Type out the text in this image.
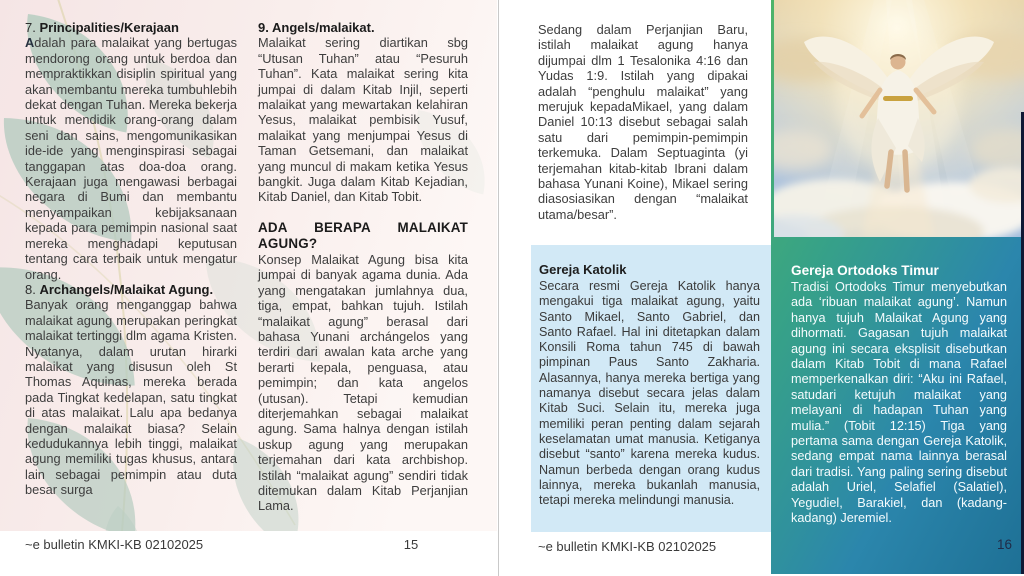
7. Principalities/Kerajaan

Adalah para malaikat yang bertugas mendorong orang untuk berdoa dan mempraktikkan disiplin spiritual yang akan membantu mereka tumbuhlebih dekat dengan Tuhan. Mereka bekerja untuk mendidik orang-orang dalam seni dan sains, mengomunikasikan ide-ide yang menginspirasi sebagai tanggapan atas doa-doa orang. Kerajaan juga mengawasi berbagai negara di Bumi dan membantu menyampaikan kebijaksanaan kepada para pemimpin nasional saat mereka menghadapi keputusan tentang cara terbaik untuk mengatur orang.

8. Archangels/Malaikat Agung.

Banyak orang menganggap bahwa malaikat agung merupakan peringkat malaikat tertinggi dlm agama Kristen. Nyatanya, dalam urutan hirarki malaikat yang disusun oleh St Thomas Aquinas, mereka berada pada Tingkat kedelapan, satu tingkat di atas malaikat. Lalu apa bedanya dengan malaikat biasa? Selain kedudukannya lebih tinggi, malaikat agung memiliki tugas khusus, antara lain sebagai pemimpin atau duta besar surga

9. Angels/malaikat.

Malaikat sering diartikan sbg “Utusan Tuhan” atau “Pesuruh Tuhan”. Kata malaikat sering kita jumpai di dalam Kitab Injil, seperti malaikat yang mewartakan kelahiran Yesus, malaikat pembisik Yusuf, malaikat yang menjumpai Yesus di Taman Getsemani, dan malaikat yang muncul di makam ketika Yesus bangkit. Juga dalam Kitab Kejadian, Kitab Daniel, dan Kitab Tobit.

ADA BERAPA MALAIKAT AGUNG?

Konsep Malaikat Agung bisa kita jumpai di banyak agama dunia. Ada yang mengatakan jumlahnya dua, tiga, empat, bahkan tujuh. Istilah “malaikat agung” berasal dari bahasa Yunani archángelos yang terdiri dari awalan kata arche yang berarti kepala, penguasa, atau pemimpin; dan kata angelos (utusan). Tetapi kemudian diterjemahkan sebagai malaikat agung. Sama halnya dengan istilah uskup agung yang merupakan terjemahan dari kata archbishop. Istilah “malaikat agung” sendiri tidak ditemukan dalam Kitab Perjanjian Lama.

~e bulletin KMKI-KB 02102025	15

Sedang dalam Perjanjian Baru, istilah malaikat agung hanya dijumpai dlm 1 Tesalonika 4:16 dan Yudas 1:9. Istilah yang dipakai adalah “penghulu malaikat” yang merujuk kepadaMikael, yang dalam Daniel 10:13 disebut sebagai salah satu dari pemimpin-pemimpin terkemuka. Dalam Septuaginta (yi terjemahan kitab-kitab Ibrani dalam bahasa Yunani Koine), Mikael sering diasosiasikan dengan “malaikat utama/besar”.

Gereja Katolik
Secara resmi Gereja Katolik hanya mengakui tiga malaikat agung, yaitu Santo Mikael, Santo Gabriel, dan Santo Rafael. Hal ini ditetapkan dalam Konsili Roma tahun 745 di bawah pimpinan Paus Santo Zakharia. Alasannya, hanya mereka bertiga yang namanya disebut secara jelas dalam Kitab Suci. Selain itu, mereka juga memiliki peran penting dalam sejarah keselamatan umat manusia. Ketiganya disebut “santo” karena mereka kudus. Namun berbeda dengan orang kudus lainnya, mereka bukanlah manusia, tetapi mereka melindungi manusia.
~e bulletin KMKI-KB 02102025
Gereja Ortodoks Timur
Tradisi Ortodoks Timur menyebutkan ada ‘ribuan malaikat agung’. Namun hanya tujuh Malaikat Agung yang dihormati. Gagasan tujuh malaikat agung ini secara eksplisit disebutkan dalam Kitab Tobit di mana Rafael memperkenalkan diri: “Aku ini Rafael, satudari ketujuh malaikat yang melayani di hadapan Tuhan yang mulia.” (Tobit 12:15) Tiga yang pertama sama dengan Gereja Katolik, sedang empat nama lainnya berasal dari tradisi. Yang paling sering disebut adalah Uriel, Selafiel (Salatiel), Yegudiel, Barakiel, dan (kadang-kadang) Jeremiel.
16
